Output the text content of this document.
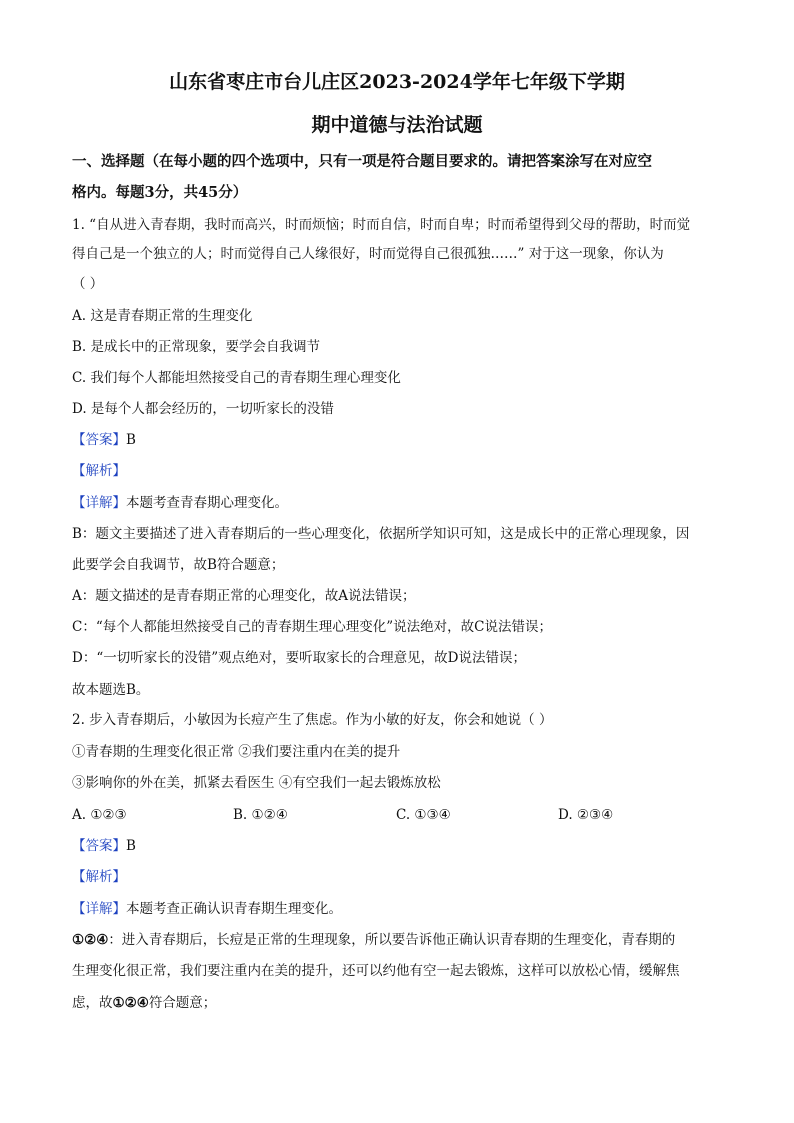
山东省枣庄市台儿庄区2023-2024学年七年级下学期
期中道德与法治试题
一、选择题（在每小题的四个选项中，只有一项是符合题目要求的。请把答案涂写在对应空
格内。每题3分，共45分）
1. “自从进入青春期，我时而高兴，时而烦恼；时而自信，时而自卑；时而希望得到父母的帮助，时而觉
得自己是一个独立的人；时而觉得自己人缘很好，时而觉得自己很孤独……” 对于这一现象，你认为
（ ）
A. 这是青春期正常的生理变化
B. 是成长中的正常现象，要学会自我调节
C. 我们每个人都能坦然接受自己的青春期生理心理变化
D. 是每个人都会经历的，一切听家长的没错
【答案】B
【解析】
【详解】本题考查青春期心理变化。
B：题文主要描述了进入青春期后的一些心理变化，依据所学知识可知，这是成长中的正常心理现象，因
此要学会自我调节，故B符合题意；
A：题文描述的是青春期正常的心理变化，故A说法错误；
C：“每个人都能坦然接受自己的青春期生理心理变化”说法绝对，故C说法错误；
D：“一切听家长的没错”观点绝对，要听取家长的合理意见，故D说法错误；
故本题选B。
2. 步入青春期后，小敏因为长痘产生了焦虑。作为小敏的好友，你会和她说（ ）
①青春期的生理变化很正常 ②我们要注重内在美的提升
③影响你的外在美，抓紧去看医生 ④有空我们一起去锻炼放松
A. ①②③	B. ①②④	C. ①③④	D. ②③④
【答案】B
【解析】
【详解】本题考查正确认识青春期生理变化。
①②④：进入青春期后，长痘是正常的生理现象，所以要告诉他正确认识青春期的生理变化，青春期的
生理变化很正常，我们要注重内在美的提升，还可以约他有空一起去锻炼，这样可以放松心情，缓解焦
虑，故①②④符合题意；
